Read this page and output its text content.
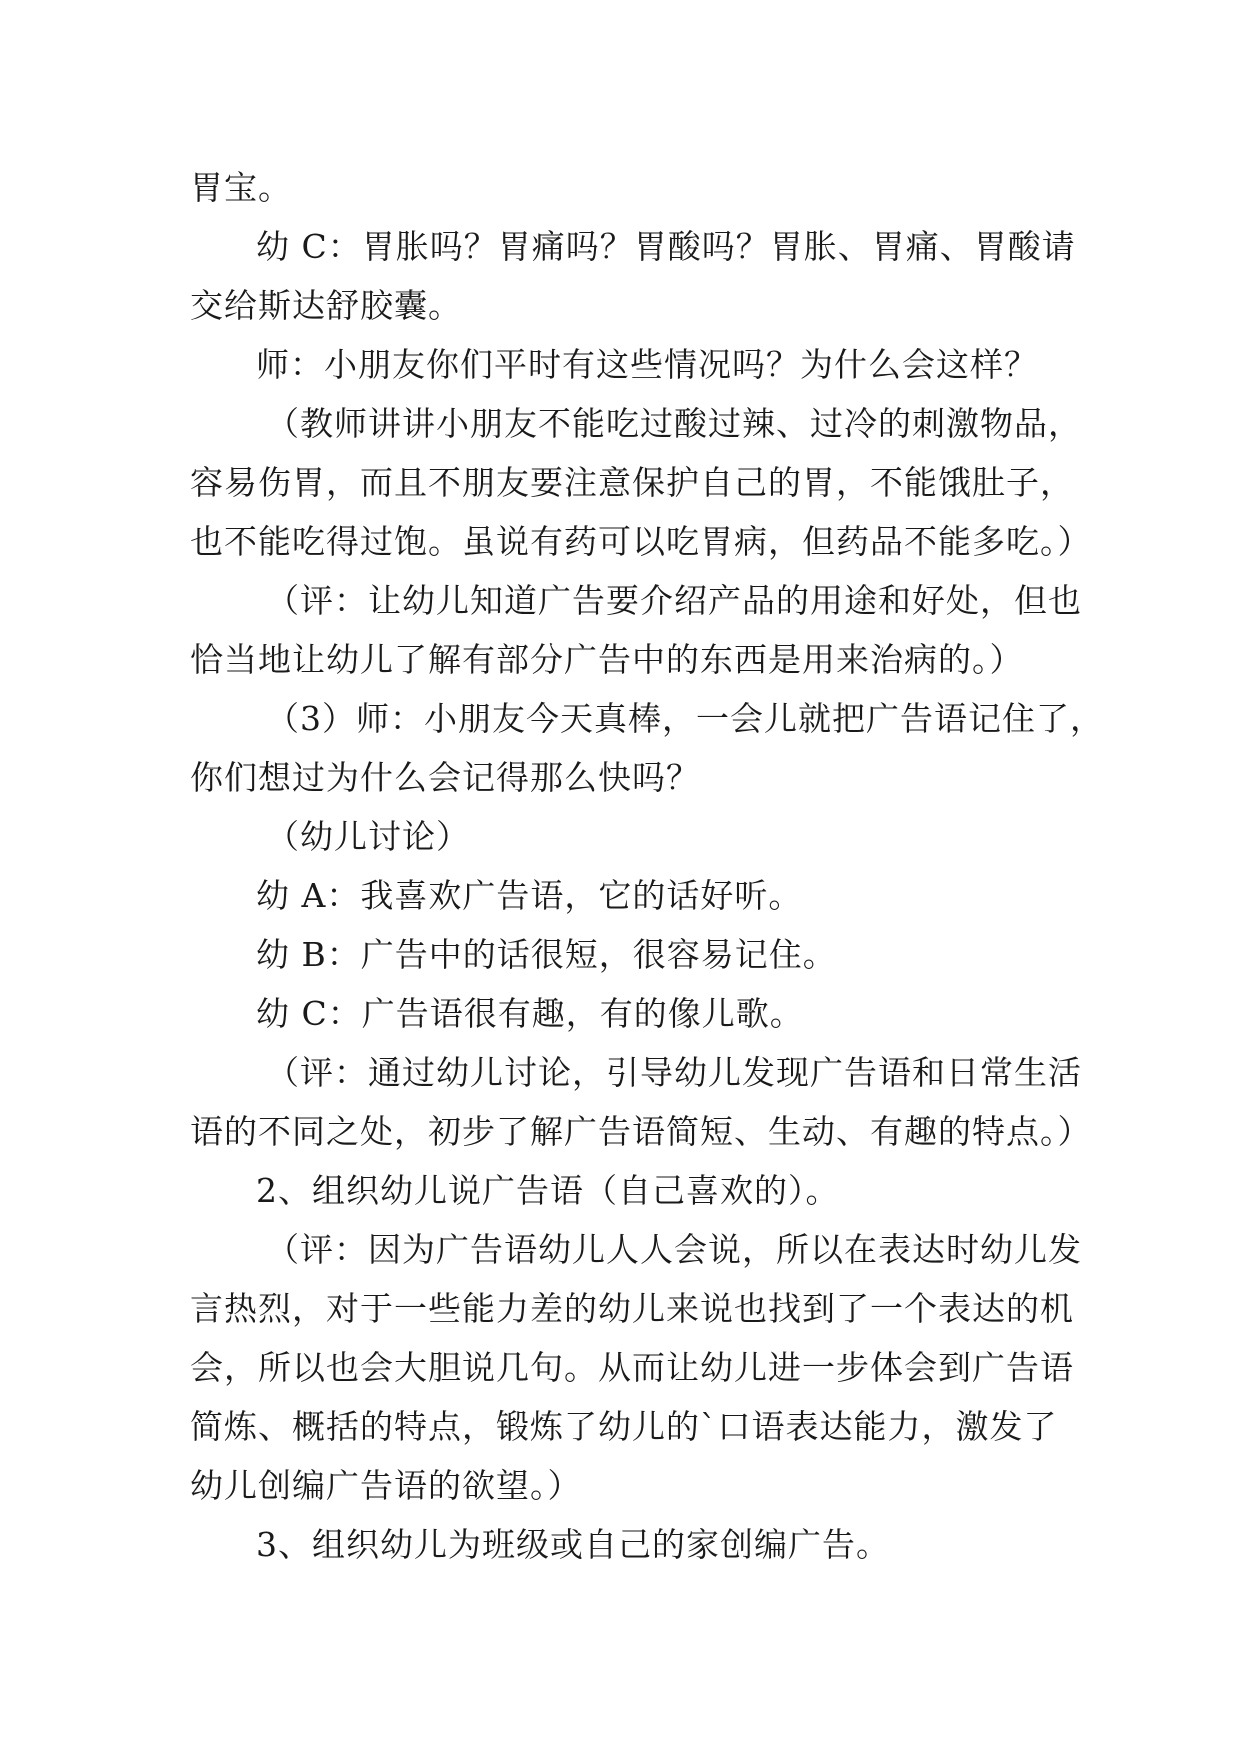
胃宝。
幼 C：胃胀吗？胃痛吗？胃酸吗？胃胀、胃痛、胃酸请
交给斯达舒胶囊。
师：小朋友你们平时有这些情况吗？为什么会这样？
（教师讲讲小朋友不能吃过酸过辣、过冷的刺激物品，
容易伤胃，而且不朋友要注意保护自己的胃，不能饿肚子，
也不能吃得过饱。虽说有药可以吃胃病，但药品不能多吃。）
（评：让幼儿知道广告要介绍产品的用途和好处，但也
恰当地让幼儿了解有部分广告中的东西是用来治病的。）
（3）师：小朋友今天真棒，一会儿就把广告语记住了，
你们想过为什么会记得那么快吗？
（幼儿讨论）
幼 A：我喜欢广告语，它的话好听。
幼 B：广告中的话很短，很容易记住。
幼 C：广告语很有趣，有的像儿歌。
（评：通过幼儿讨论，引导幼儿发现广告语和日常生活
语的不同之处，初步了解广告语简短、生动、有趣的特点。）
2、组织幼儿说广告语（自己喜欢的）。
（评：因为广告语幼儿人人会说，所以在表达时幼儿发
言热烈，对于一些能力差的幼儿来说也找到了一个表达的机
会，所以也会大胆说几句。从而让幼儿进一步体会到广告语
简炼、概括的特点，锻炼了幼儿的`口语表达能力，激发了
幼儿创编广告语的欲望。）
3、组织幼儿为班级或自己的家创编广告。
